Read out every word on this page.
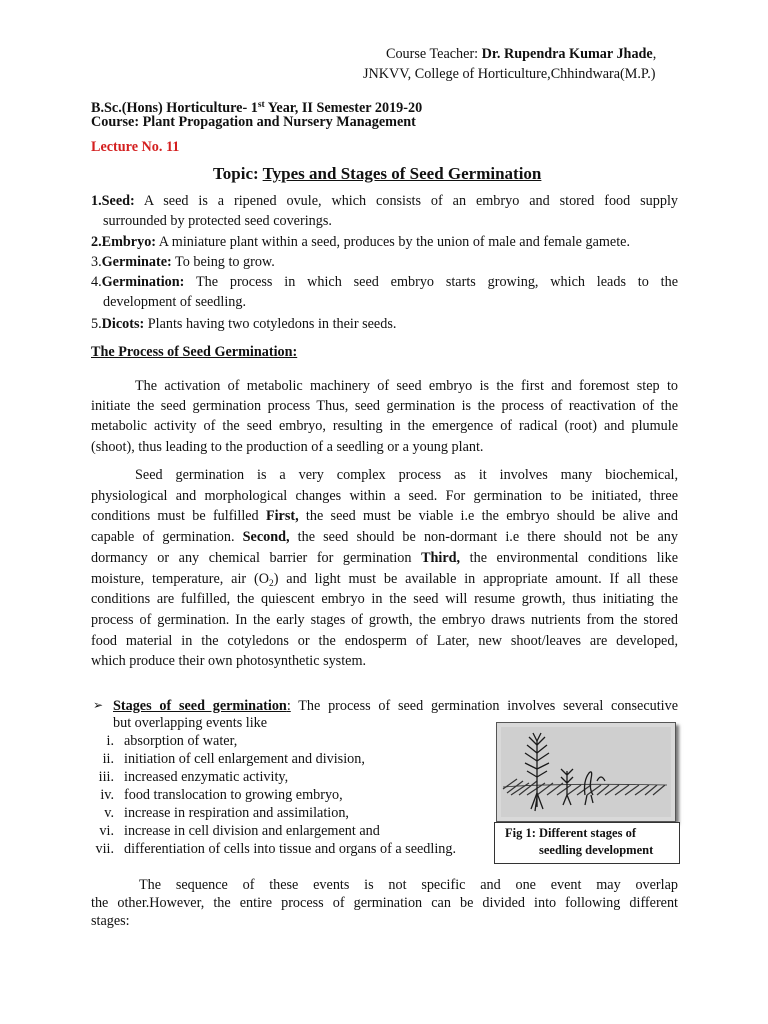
Course Teacher: Dr. Rupendra Kumar Jhade,
JNKVV, College of Horticulture,Chhindwara(M.P.)
B.Sc.(Hons) Horticulture- 1st Year, II Semester 2019-20
Course: Plant Propagation and Nursery Management
Lecture No. 11
Topic: Types and Stages of Seed Germination
1.Seed: A seed is a ripened ovule, which consists of an embryo and stored food supply
surrounded by protected seed coverings.
2.Embryo: A miniature plant within a seed, produces by the union of male and female gamete.
3.Germinate: To being to grow.
4.Germination: The process in which seed embryo starts growing, which leads to the
development of seedling.
5.Dicots: Plants having two cotyledons in their seeds.
The Process of Seed Germination:
The activation of metabolic machinery of seed embryo is the first and foremost step to
initiate the seed germination process Thus, seed germination is the process of reactivation of the
metabolic activity of the seed embryo, resulting in the emergence of radical (root) and plumule
(shoot), thus leading to the production of a seedling or a young plant.
Seed germination is a very complex process as it involves many biochemical,
physiological and morphological changes within a seed. For germination to be initiated, three
conditions must be fulfilled First, the seed must be viable i.e the embryo should be alive and
capable of germination. Second, the seed should be non-dormant i.e there should not be any
dormancy or any chemical barrier for germination Third, the environmental conditions like
moisture, temperature, air $(O_2)$ and light must be available in appropriate amount. If all these
conditions are fulfilled, the quiescent embryo in the seed will resume growth, thus initiating the
process of germination. In the early stages of growth, the embryo draws nutrients from the stored
food material in the cotyledons or the endosperm of Later, new shoot/leaves are developed,
which produce their own photosynthetic system.
➢ Stages of seed germination: The process of seed germination involves several consecutive
but overlapping events like
i. absorption of water,
ii. initiation of cell enlargement and division,
iii. increased enzymatic activity,
iv. food translocation to growing embryo,
v. increase in respiration and assimilation,
vi. increase in cell division and enlargement and
vii. differentiation of cells into tissue and organs of a seedling.
Fig 1: Different stages of
seedling development
The sequence of these events is not specific and one event may overlap
the other.However, the entire process of germination can be divided into following different
stages:
